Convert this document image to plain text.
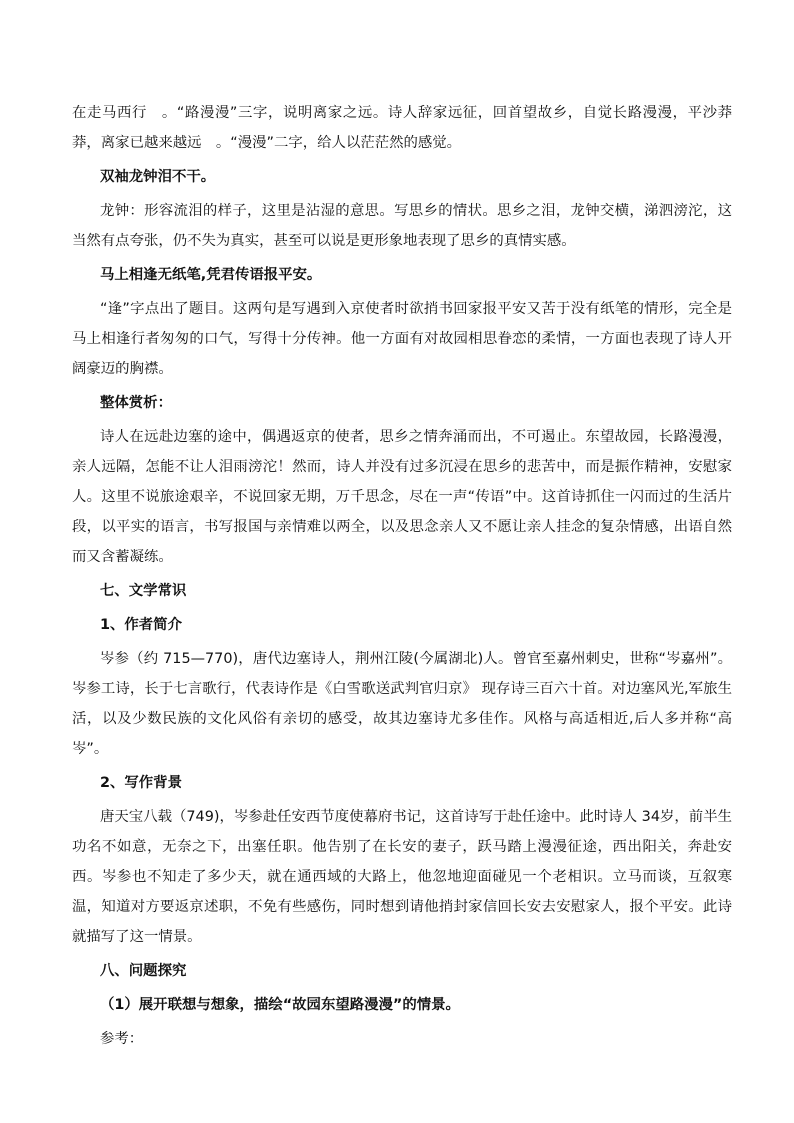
在走马西行　。“路漫漫”三字，说明离家之远。诗人辞家远征，回首望故乡，自觉长路漫漫，平沙莽莽，离家已越来越远　。“漫漫”二字，给人以茫茫然的感觉。

双袖龙钟泪不干。

龙钟：形容流泪的样子，这里是沾湿的意思。写思乡的情状。思乡之泪，龙钟交横，涕泗滂沱，这当然有点夸张，仍不失为真实，甚至可以说是更形象地表现了思乡的真情实感。

马上相逢无纸笔,凭君传语报平安。

“逢”字点出了题目。这两句是写遇到入京使者时欲捎书回家报平安又苦于没有纸笔的情形，完全是马上相逢行者匆匆的口气，写得十分传神。他一方面有对故园相思眷恋的柔情，一方面也表现了诗人开阔豪迈的胸襟。

整体赏析：

诗人在远赴边塞的途中，偶遇返京的使者，思乡之情奔涌而出，不可遏止。东望故园，长路漫漫，亲人远隔，怎能不让人泪雨滂沱！然而，诗人并没有过多沉浸在思乡的悲苦中，而是振作精神，安慰家人。这里不说旅途艰辛，不说回家无期，万千思念，尽在一声“传语”中。这首诗抓住一闪而过的生活片段，以平实的语言，书写报国与亲情难以两全，以及思念亲人又不愿让亲人挂念的复杂情感，出语自然而又含蓄凝练。

七、文学常识

1、作者简介

岑参（约 715—770)，唐代边塞诗人，荆州江陵(今属湖北)人。曾官至嘉州刺史，世称“岑嘉州”。岑参工诗，长于七言歌行，代表诗作是《白雪歌送武判官归京》 现存诗三百六十首。对边塞风光,军旅生活，以及少数民族的文化风俗有亲切的感受，故其边塞诗尤多佳作。风格与高适相近,后人多并称“高岑”。

2、写作背景

唐天宝八载（749)，岑参赴任安西节度使幕府书记，这首诗写于赴任途中。此时诗人 34岁，前半生功名不如意，无奈之下，出塞任职。他告别了在长安的妻子，跃马踏上漫漫征途，西出阳关，奔赴安西。岑参也不知走了多少天，就在通西域的大路上，他忽地迎面碰见一个老相识。立马而谈，互叙寒温，知道对方要返京述职，不免有些感伤，同时想到请他捎封家信回长安去安慰家人，报个平安。此诗就描写了这一情景。

八、问题探究

（1）展开联想与想象，描绘“故园东望路漫漫”的情景。

参考：
